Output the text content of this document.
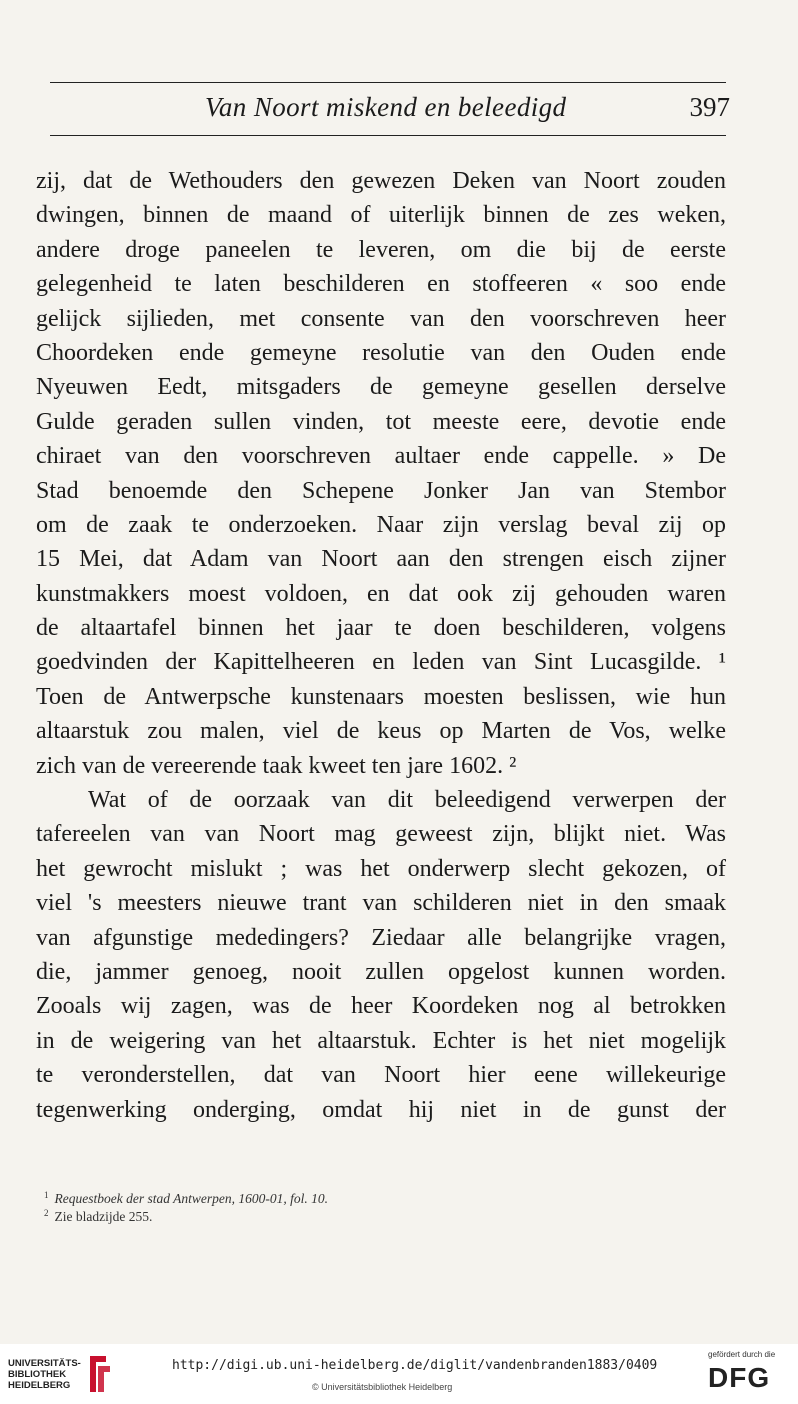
Van Noort miskend en beleedigd	397
zij, dat de Wethouders den gewezen Deken van Noort zouden
dwingen, binnen de maand of uiterlijk binnen de zes weken,
andere droge paneelen te leveren, om die bij de eerste
gelegenheid te laten beschilderen en stoffeeren « soo ende
gelijck sijlieden, met consente van den voorschreven heer
Choordeken ende gemeyne resolutie van den Ouden ende
Nyeuwen Eedt, mitsgaders de gemeyne gesellen derselve
Gulde geraden sullen vinden, tot meeste eere, devotie ende
chiraet van den voorschreven aultaer ende cappelle. » De
Stad benoemde den Schepene Jonker Jan van Stembor
om de zaak te onderzoeken. Naar zijn verslag beval zij op
15 Mei, dat Adam van Noort aan den strengen eisch zijner
kunstmakkers moest voldoen, en dat ook zij gehouden waren
de altaartafel binnen het jaar te doen beschilderen, volgens
goedvinden der Kapittelheeren en leden van Sint Lucasgilde. ¹
Toen de Antwerpsche kunstenaars moesten beslissen, wie hun
altaarstuk zou malen, viel de keus op Marten de Vos, welke
zich van de vereerende taak kweet ten jare 1602. ²
Wat of de oorzaak van dit beleedigend verwerpen der
tafereelen van van Noort mag geweest zijn, blijkt niet. Was
het gewrocht mislukt ; was het onderwerp slecht gekozen, of
viel 's meesters nieuwe trant van schilderen niet in den smaak
van afgunstige mededingers? Ziedaar alle belangrijke vragen,
die, jammer genoeg, nooit zullen opgelost kunnen worden.
Zooals wij zagen, was de heer Koordeken nog al betrokken
in de weigering van het altaarstuk. Echter is het niet mogelijk
te veronderstellen, dat van Noort hier eene willekeurige
tegenwerking onderging, omdat hij niet in de gunst der
$^1$ Requestboek der stad Antwerpen, 1600-01, fol. 10.
$^2$ Zie bladzijde 255.
UNIVERSITÄTS-
BIBLIOTHEK
HEIDELBERG
http://digi.ub.uni-heidelberg.de/diglit/vandenbranden1883/0409
© Universitätsbibliothek Heidelberg
gefördert durch die
DFG
